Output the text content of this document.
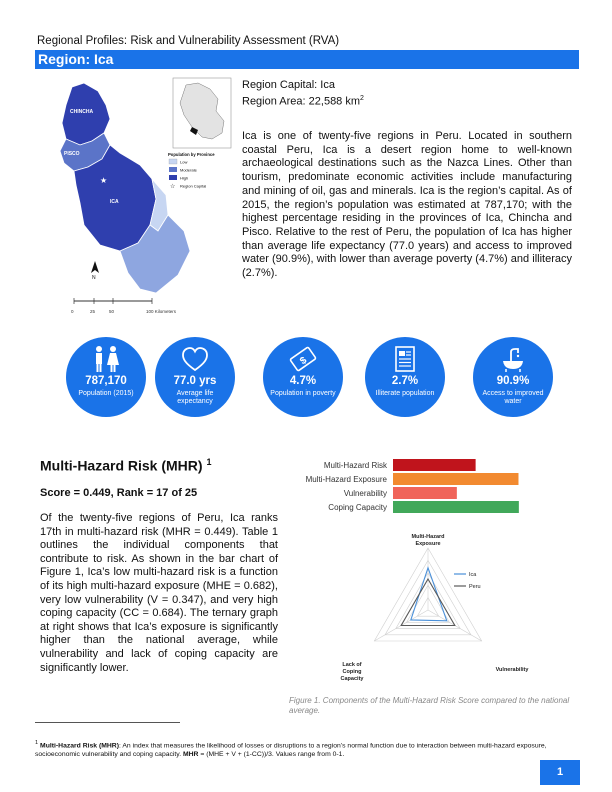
Regional Profiles: Risk and Vulnerability Assessment (RVA)
Region: Ica
CHINCHA
PISCO
ICA
★
N
0	25	50	100 Kilometers
Population by Province
Low
Moderate
High
☆ Region Capital
Region Capital: Ica
Region Area: 22,588 $km^2$
Ica is one of twenty-five regions in Peru. Located in southern coastal Peru, Ica is a desert region home to well-known archaeological destinations such as the Nazca Lines. Other than tourism, predominate economic activities include manufacturing and mining of oil, gas and minerals. Ica is the region’s capital. As of 2015, the region’s population was estimated at 787,170; with the highest percentage residing in the provinces of Ica, Chincha and Pisco. Relative to the rest of Peru, the population of Ica has higher than average life expectancy (77.0 years) and access to improved water (90.9%), with lower than average poverty (4.7%) and illiteracy (2.7%).
787,170
Population (2015)
77.0 yrs
Average life expectancy
$
4.7%
Population in poverty
2.7%
Illiterate population
90.9%
Access to improved water
Multi-Hazard Risk (MHR) $^1$
Score = 0.449, Rank = 17 of 25
Of the twenty-five regions of Peru, Ica ranks 17th in multi-hazard risk (MHR = 0.449). Table 1 outlines the individual components that contribute to risk. As shown in the bar chart of Figure 1, Ica’s low multi-hazard risk is a function of its high multi-hazard exposure (MHE = 0.682), very low vulnerability (V = 0.347), and very high coping capacity (CC = 0.684). The ternary graph at right shows that Ica’s exposure is significantly higher than the national average, while vulnerability and lack of coping capacity are significantly lower.
Multi-Hazard Risk
Multi-Hazard Exposure
Vulnerability
Coping Capacity
Multi-Hazard
Exposure
Vulnerability
Lack of
Coping
Capacity
Ica
Peru
Figure 1. Components of the Multi-Hazard Risk Score compared to the national average.
$^1$ Multi-Hazard Risk (MHR): An index that measures the likelihood of losses or disruptions to a region’s normal function due to interaction between multi-hazard exposure, socioeconomic vulnerability and coping capacity. MHR = (MHE + V + (1-CC))/3. Values range from 0-1.
1
